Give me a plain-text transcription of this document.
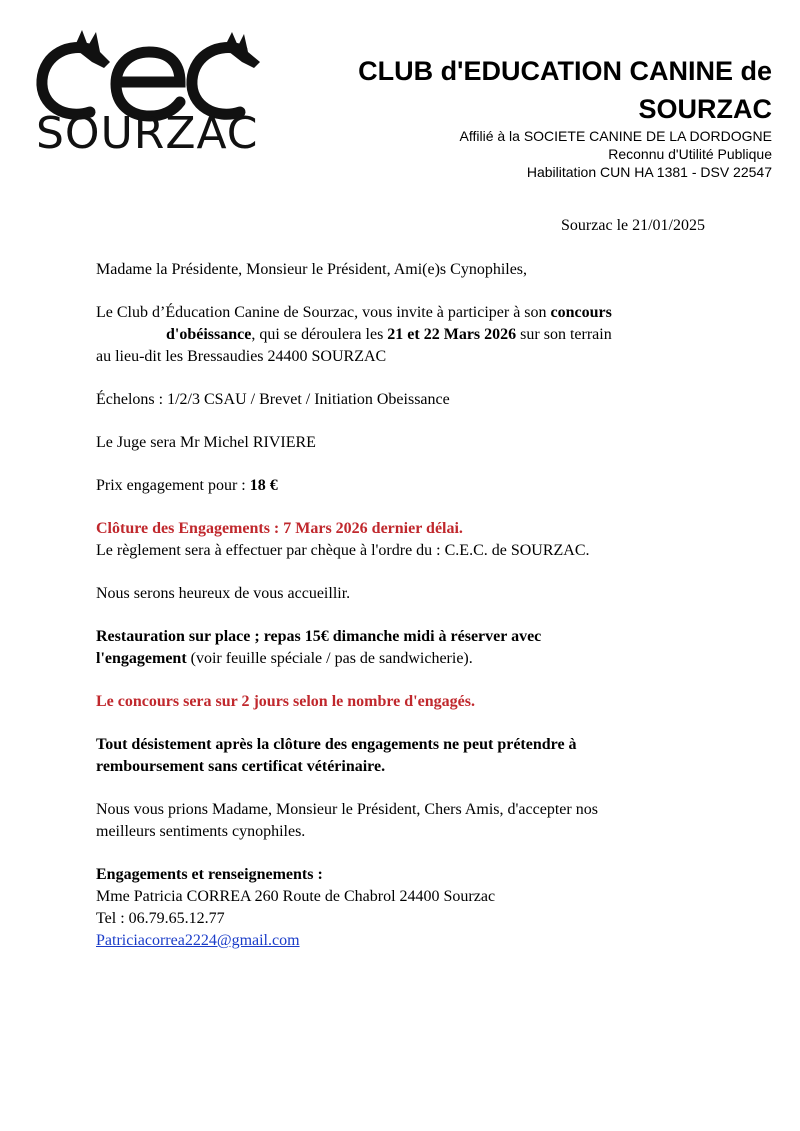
SOURZAC
CLUB d'EDUCATION CANINE de
SOURZAC
Affilié à la SOCIETE CANINE DE LA DORDOGNE
Reconnu d'Utilité Publique
Habilitation CUN HA 1381 - DSV 22547
Sourzac le 21/01/2025

Madame la Présidente, Monsieur le Président, Ami(e)s Cynophiles,

Le Club d’Éducation Canine de Sourzac, vous invite à participer à son concours
d'obéissance, qui se déroulera les 21 et 22 Mars 2026 sur son terrain
au lieu-dit les Bressaudies 24400 SOURZAC

Échelons : 1/2/3 CSAU / Brevet / Initiation Obeissance

Le Juge sera Mr Michel RIVIERE

Prix engagement pour : 18 €

Clôture des Engagements : 7 Mars 2026 dernier délai.

Le règlement sera à effectuer par chèque à l'ordre du : C.E.C. de SOURZAC.

Nous serons heureux de vous accueillir.

Restauration sur place ; repas 15€ dimanche midi à réserver avec
l'engagement (voir feuille spéciale / pas de sandwicherie).

Le concours sera sur 2 jours selon le nombre d'engagés.

Tout désistement après la clôture des engagements ne peut prétendre à
remboursement sans certificat vétérinaire.

Nous vous prions Madame, Monsieur le Président, Chers Amis, d'accepter nos
meilleurs sentiments cynophiles.

Engagements et renseignements :
Mme Patricia CORREA 260 Route de Chabrol 24400 Sourzac
Tel : 06.79.65.12.77
Patriciacorrea2224@gmail.com
